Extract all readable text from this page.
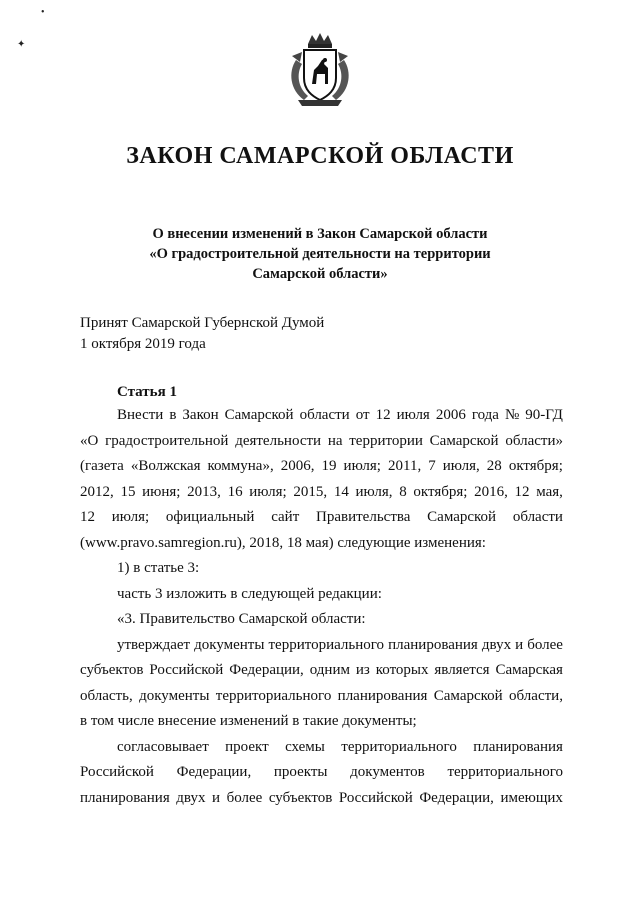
•
✦
ЗАКОН САМАРСКОЙ ОБЛАСТИ
О внесении изменений в Закон Самарской области
«О градостроительной деятельности на территории
Самарской области»
Принят Самарской Губернской Думой
1 октября 2019 года
Статья 1
Внести в Закон Самарской области от 12 июля 2006 года № 90-ГД
«О градостроительной деятельности на территории Самарской области»
(газета «Волжская коммуна», 2006, 19 июля; 2011, 7 июля, 28 октября;
2012, 15 июня; 2013, 16 июля; 2015, 14 июля, 8 октября; 2016, 12 мая,
12 июля; официальный сайт Правительства Самарской области
(www.pravo.samregion.ru), 2018, 18 мая) следующие изменения:
1) в статье 3:
часть 3 изложить в следующей редакции:
«3. Правительство Самарской области:
утверждает документы территориального планирования двух и более
субъектов Российской Федерации, одним из которых является Самарская
область, документы территориального планирования Самарской области,
в том числе внесение изменений в такие документы;
согласовывает проект схемы территориального планирования
Российской Федерации, проекты документов территориального
планирования двух и более субъектов Российской Федерации, имеющих
